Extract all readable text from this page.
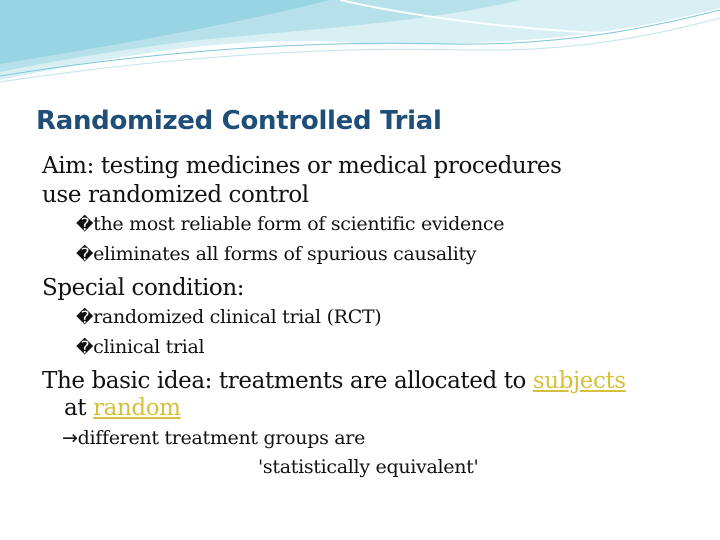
Randomized Controlled Trial
Aim: testing medicines or medical procedures
use randomized control
�the most reliable form of scientific evidence
�eliminates all forms of spurious causality
Special condition:
�randomized clinical trial (RCT)
�clinical trial
The basic idea: treatments are allocated to subjects
at random
→different treatment groups are
'statistically equivalent'
